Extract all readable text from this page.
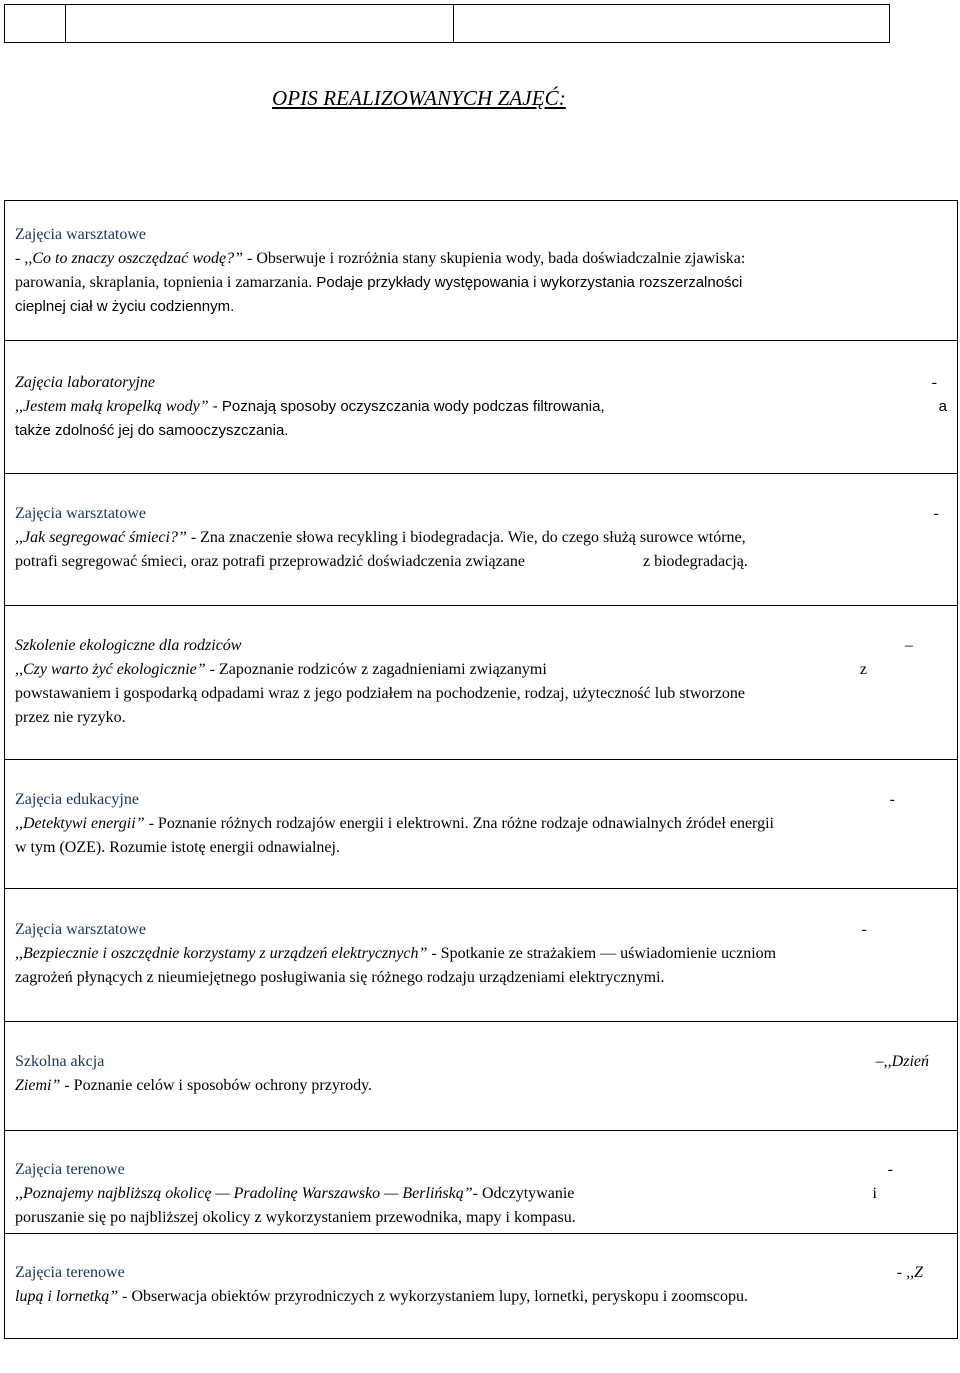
OPIS REALIZOWANYCH ZAJĘĆ:

Zajęcia warsztatowe

- ,,Co to znaczy oszczędzać wodę?” - Obserwuje i rozróżnia stany skupienia wody, bada doświadczalnie zjawiska:

parowania, skraplania, topnienia i zamarzania. Podaje przykłady występowania i wykorzystania rozszerzalności

cieplnej ciał w życiu codziennym.

Zajęcia laboratoryjne	-

,,Jestem małą kropelką wody” - Poznają sposoby oczyszczania wody podczas filtrowania,	a

także zdolność jej do samooczyszczania.

Zajęcia warsztatowe	-

,,Jak segregować śmieci?” - Zna znaczenie słowa recykling i biodegradacja. Wie, do czego służą surowce wtórne,

potrafi segregować śmieci, oraz potrafi przeprowadzić doświadczenia związane	z biodegradacją.

Szkolenie ekologiczne dla rodziców	–

,,Czy warto żyć ekologicznie” - Zapoznanie rodziców z zagadnieniami związanymi	z

powstawaniem i gospodarką odpadami wraz z jego podziałem na pochodzenie, rodzaj, użyteczność lub stworzone

przez nie ryzyko.

Zajęcia edukacyjne	-

,,Detektywi energii” - Poznanie różnych rodzajów energii i elektrowni. Zna różne rodzaje odnawialnych źródeł energii

w tym (OZE). Rozumie istotę energii odnawialnej.

Zajęcia warsztatowe	-

,,Bezpiecznie i oszczędnie korzystamy z urządzeń elektrycznych” - Spotkanie ze strażakiem — uświadomienie uczniom

zagrożeń płynących z nieumiejętnego posługiwania się różnego rodzaju urządzeniami elektrycznymi.

Szkolna akcja	–,,Dzień

Ziemi” - Poznanie celów i sposobów ochrony przyrody.

Zajęcia terenowe	-

,,Poznajemy najbliższą okolicę — Pradolinę Warszawsko — Berlińską”- Odczytywanie	i

poruszanie się po najbliższej okolicy z wykorzystaniem przewodnika, mapy i kompasu.

Zajęcia terenowe	- ,,Z

lupą i lornetką” - Obserwacja obiektów przyrodniczych z wykorzystaniem lupy, lornetki, peryskopu i zoomscopu.
